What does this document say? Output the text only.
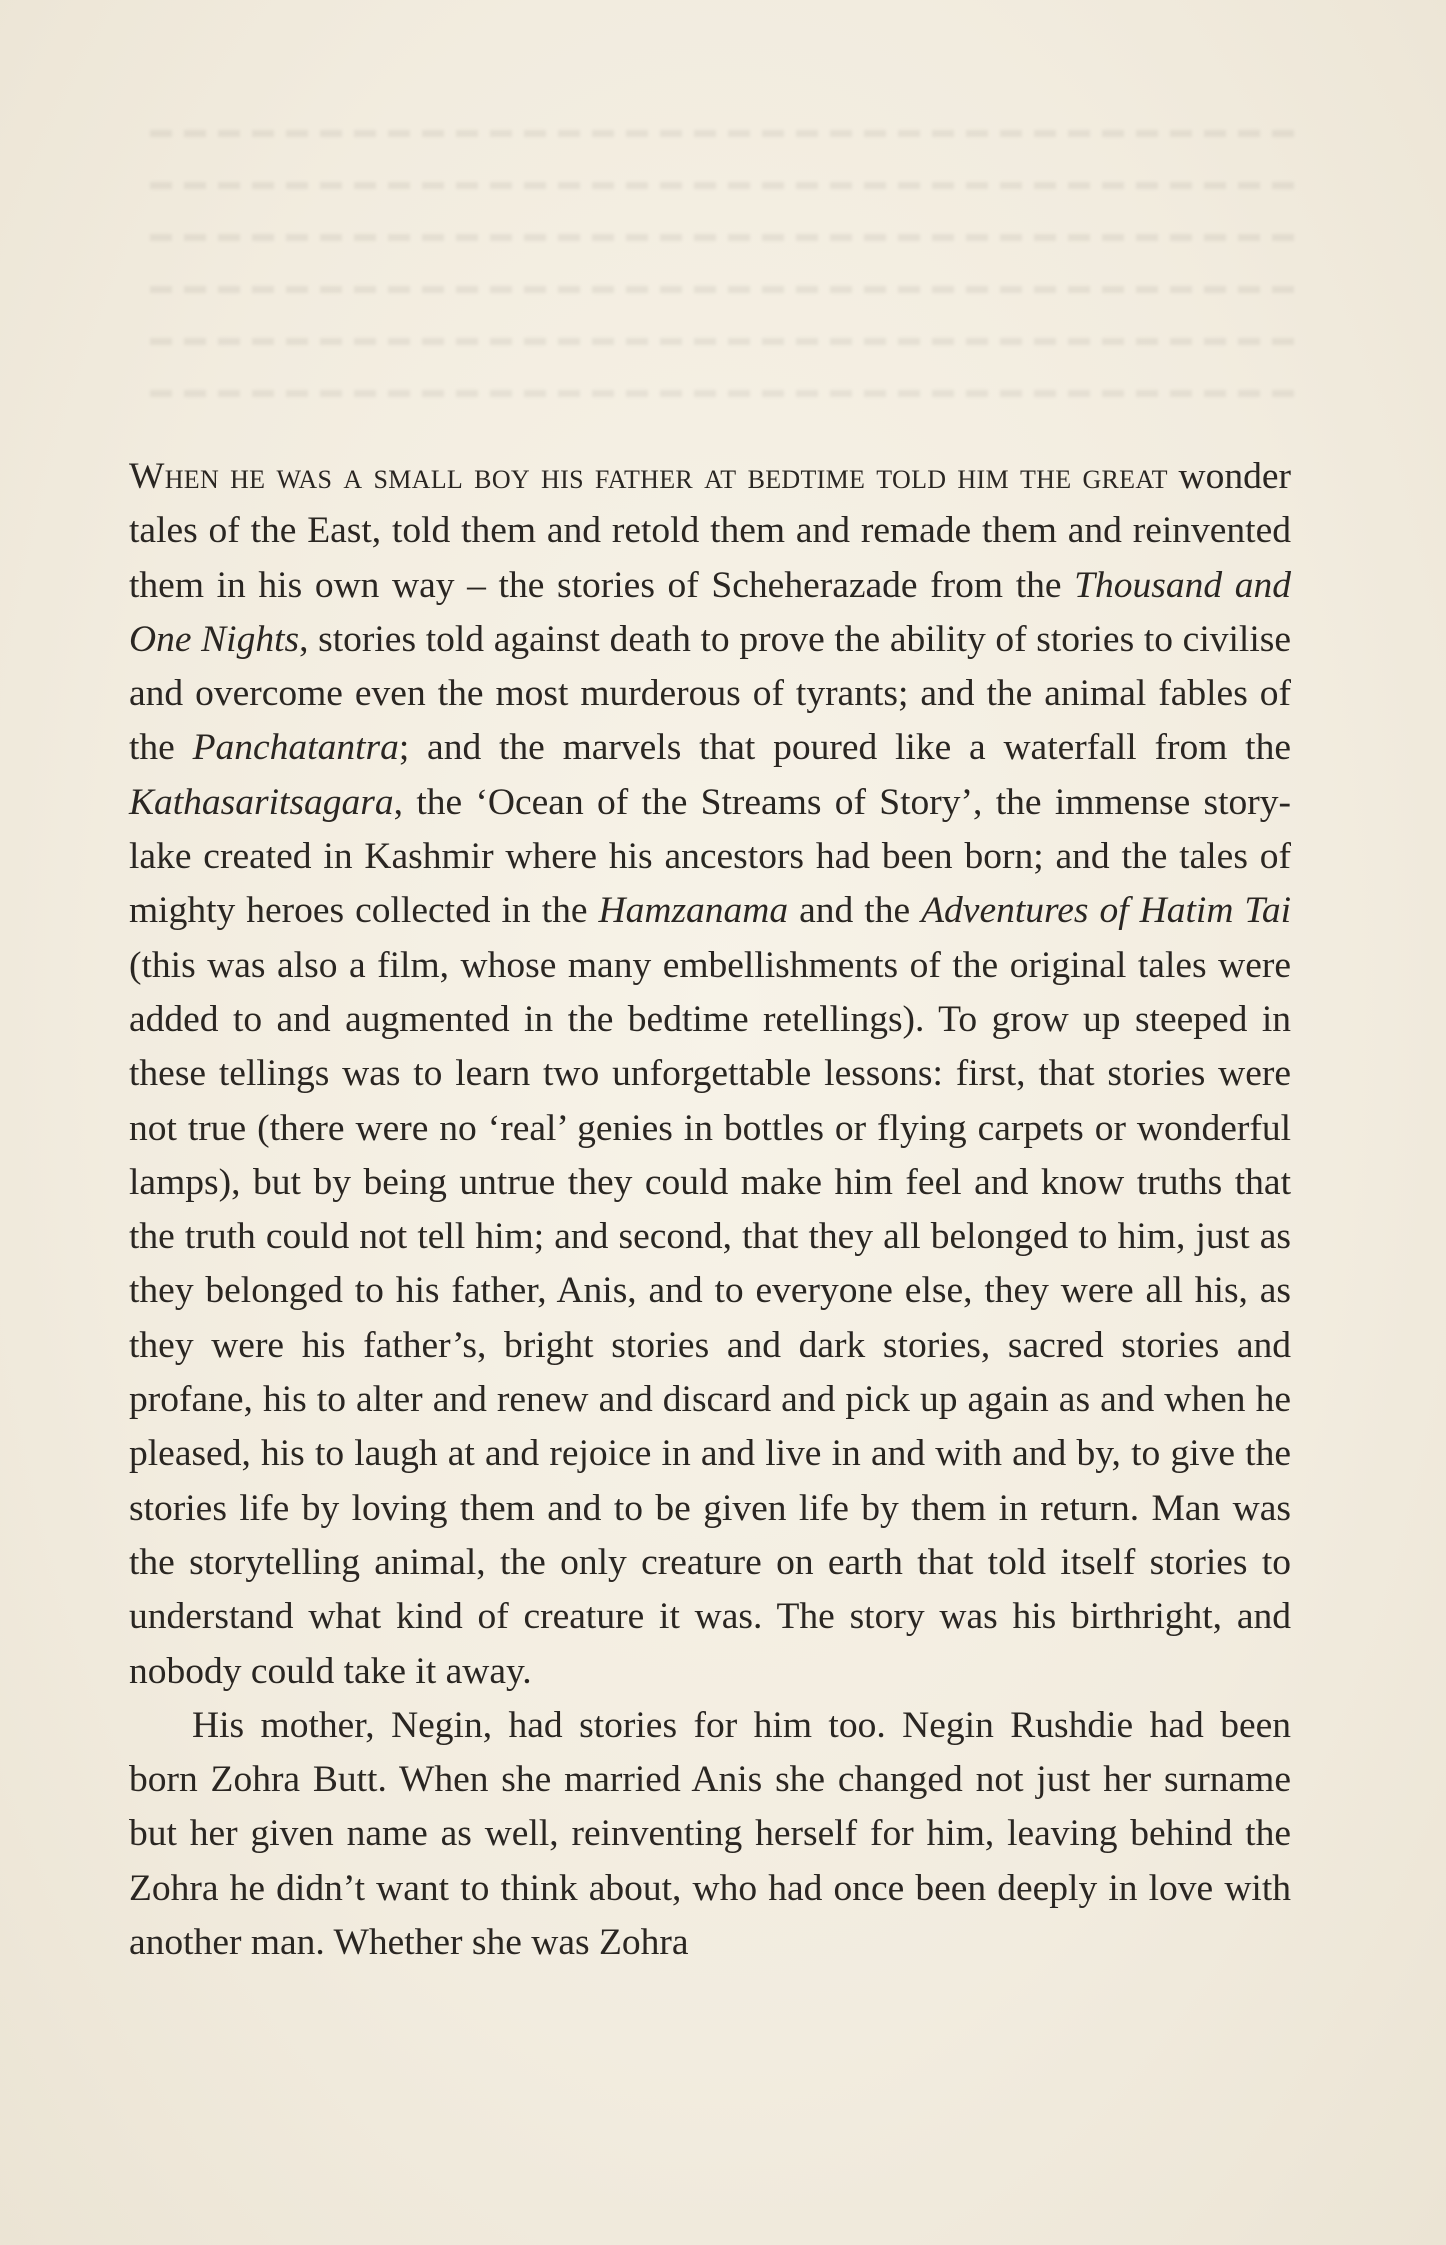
When he was a small boy his father at bedtime told him the great wonder tales of the East, told them and retold them and remade them and reinvented them in his own way – the stories of Scheherazade from the Thousand and One Nights, stories told against death to prove the ability of stories to civilise and overcome even the most murderous of tyrants; and the animal fables of the Panchatantra; and the marvels that poured like a waterfall from the Kathasaritsagara, the ‘Ocean of the Streams of Story’, the immense story-lake created in Kashmir where his ancestors had been born; and the tales of mighty heroes collected in the Hamzanama and the Adventures of Hatim Tai (this was also a film, whose many embellishments of the original tales were added to and augmented in the bedtime retellings). To grow up steeped in these tellings was to learn two unforgettable lessons: first, that stories were not true (there were no ‘real’ genies in bottles or flying carpets or wonderful lamps), but by being untrue they could make him feel and know truths that the truth could not tell him; and second, that they all belonged to him, just as they belonged to his father, Anis, and to everyone else, they were all his, as they were his father’s, bright stories and dark stories, sacred stories and profane, his to alter and renew and discard and pick up again as and when he pleased, his to laugh at and rejoice in and live in and with and by, to give the stories life by loving them and to be given life by them in return. Man was the storytelling animal, the only creature on earth that told itself stories to understand what kind of creature it was. The story was his birthright, and nobody could take it away.

His mother, Negin, had stories for him too. Negin Rushdie had been born Zohra Butt. When she married Anis she changed not just her surname but her given name as well, reinventing herself for him, leaving behind the Zohra he didn’t want to think about, who had once been deeply in love with another man. Whether she was Zohra
